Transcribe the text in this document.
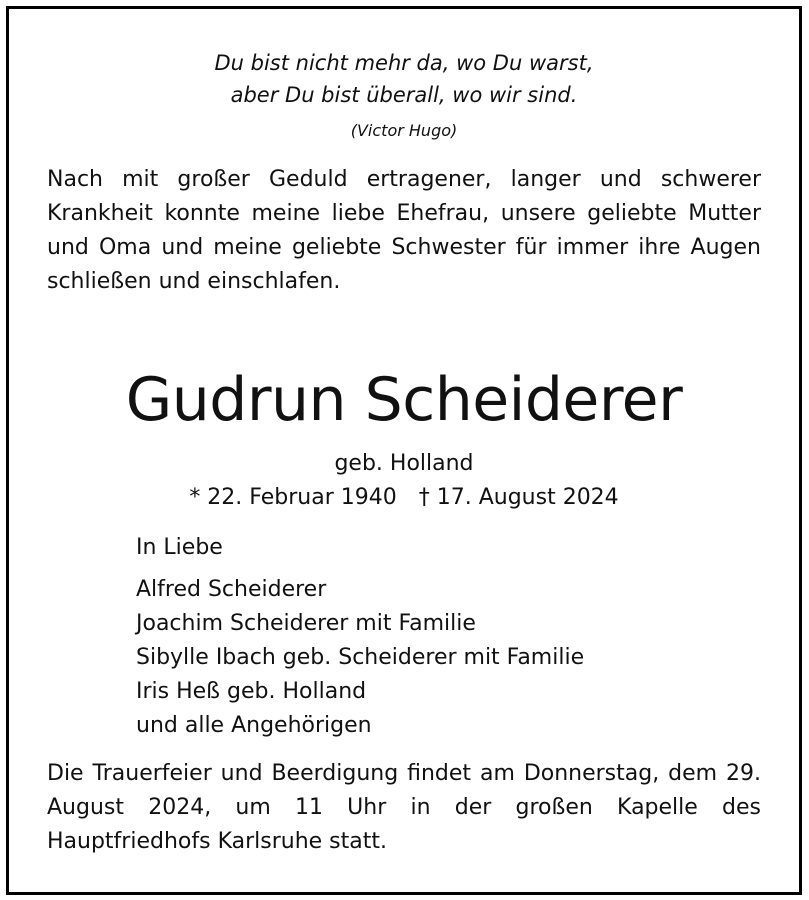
Du bist nicht mehr da, wo Du warst,
aber Du bist überall, wo wir sind.
(Victor Hugo)

Nach mit großer Geduld ertragener, langer und schwerer Krankheit konnte meine liebe Ehefrau, unsere geliebte Mutter und Oma und meine geliebte Schwester für immer ihre Augen schließen und einschlafen.

Gudrun Scheiderer
geb. Holland
* 22. Februar 1940 † 17. August 2024
In Liebe
Alfred Scheiderer
Joachim Scheiderer mit Familie
Sibylle Ibach geb. Scheiderer mit Familie
Iris Heß geb. Holland
und alle Angehörigen

Die Trauerfeier und Beerdigung findet am Donnerstag, dem 29. August 2024, um 11 Uhr in der großen Kapelle des Hauptfriedhofs Karlsruhe statt.
